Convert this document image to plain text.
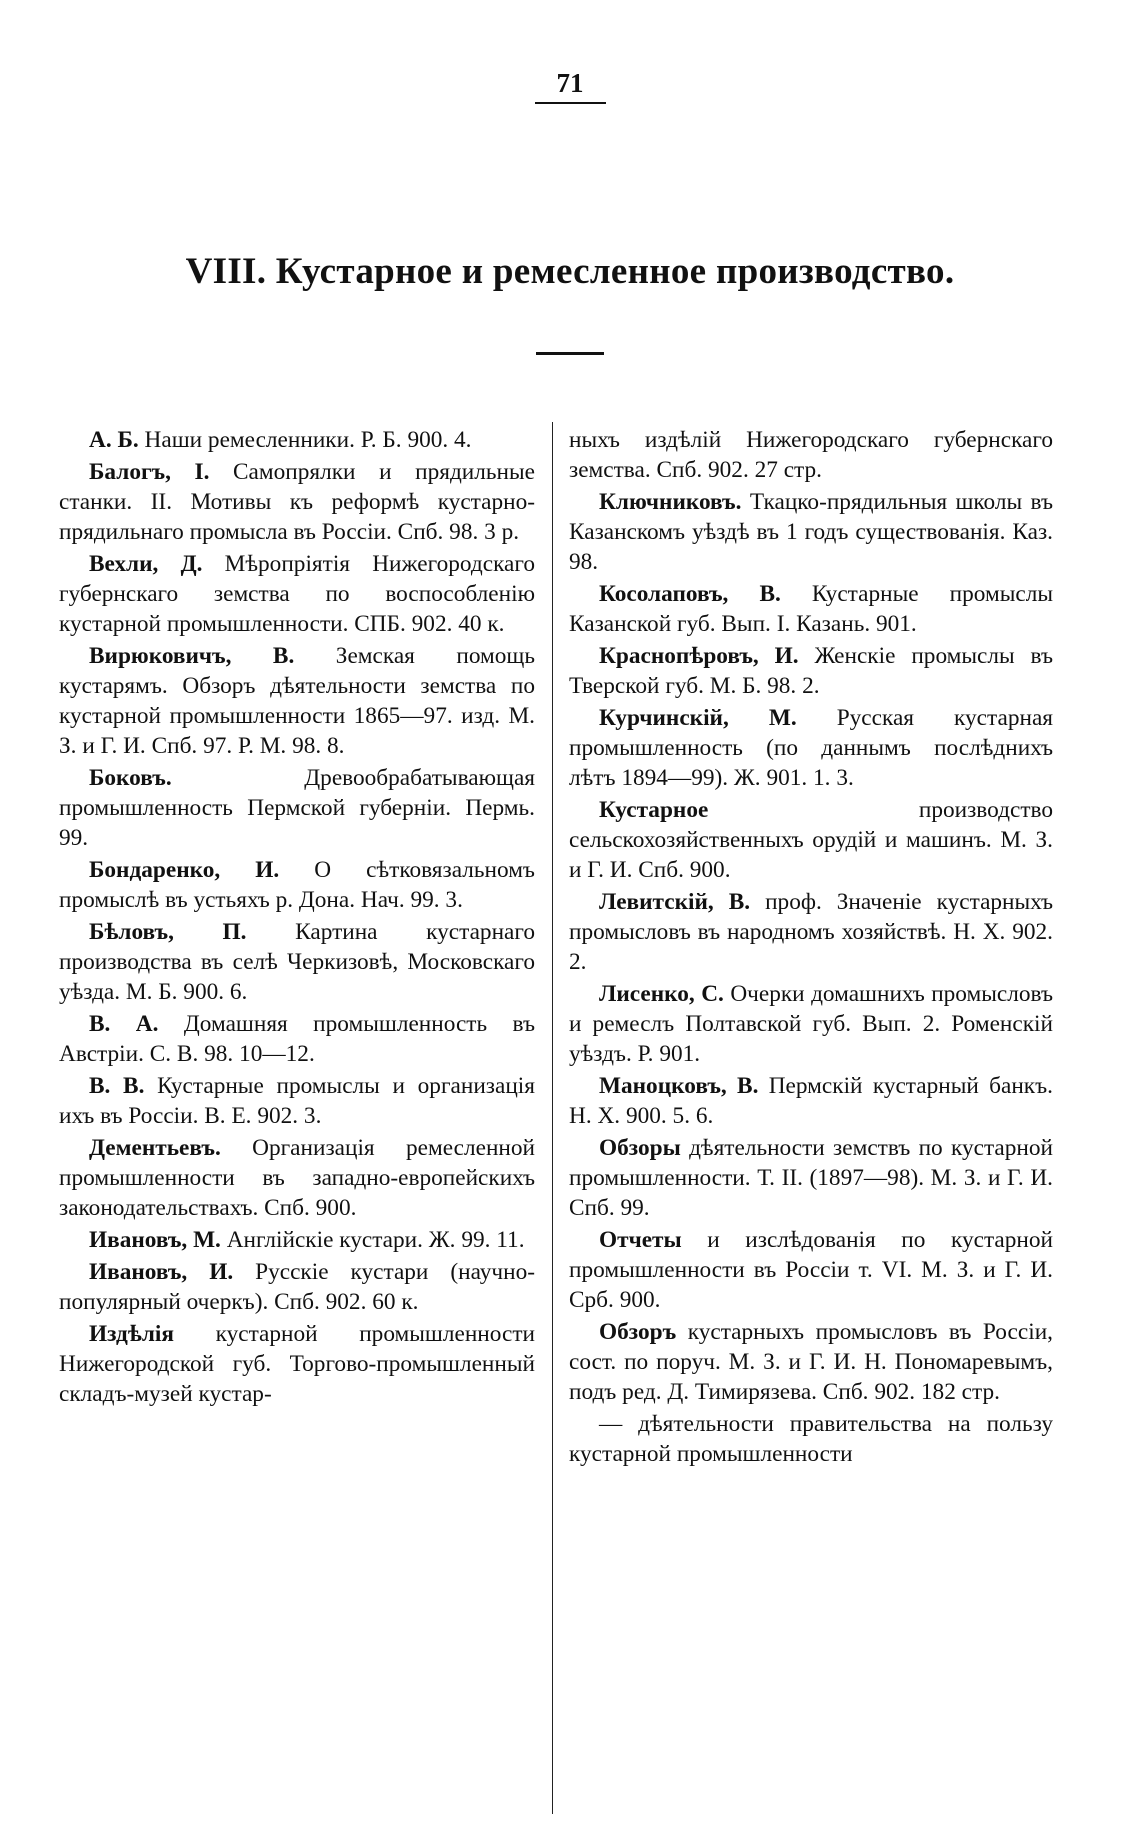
71
VIII. Кустарное и ремесленное производство.

А. Б. Наши ремесленники. Р. Б. 900. 4.

Балогъ, І. Самопрялки и прядильные станки. II. Мотивы къ реформѣ кустарно-прядильнаго промысла въ Россіи. Спб. 98. 3 р.

Вехли, Д. Мѣропріятія Нижегородскаго губернскаго земства по воспособленію кустарной промышленности. СПБ. 902. 40 к.

Вирюковичъ, В. Земская помощь кустарямъ. Обзоръ дѣятельности земства по кустарной промышленности 1865—97. изд. М. З. и Г. И. Спб. 97. Р. М. 98. 8.

Боковъ.	Древообрабатывающая промышленность Пермской губерніи. Пермь. 99.

Бондаренко, И. О сѣтковязальномъ промыслѣ въ устьяхъ р. Дона. Нач. 99. 3.

Бѣловъ, П. Картина кустарнаго производства въ селѣ Черкизовѣ, Московскаго уѣзда. М. Б. 900. 6.

В. А. Домашняя промышленность въ Австріи. С. В. 98. 10—12.

В. В. Кустарные промыслы и организація ихъ въ Россіи. В. Е. 902. 3.

Дементьевъ. Организація ремесленной промышленности въ западно-европейскихъ законодательствахъ. Спб. 900.

Ивановъ, М. Англійскіе кустари. Ж. 99. 11.

Ивановъ, И. Русскіе кустари (научно-популярный очеркъ). Спб. 902. 60 к.

Издѣлія кустарной промышленности Нижегородской губ. Торгово-промышленный складъ-музей кустар-

ныхъ издѣлій Нижегородскаго губернскаго земства. Спб. 902. 27 стр.

Ключниковъ. Ткацко-прядильныя школы въ Казанскомъ уѣздѣ въ 1 годъ существованія. Каз. 98.

Косолаповъ, В. Кустарные промыслы Казанской губ. Вып. I. Казань. 901.

Краснопѣровъ, И. Женскіе промыслы въ Тверской губ. М. Б. 98. 2.

Курчинскій, М. Русская кустарная промышленность (по даннымъ послѣднихъ лѣтъ 1894—99). Ж. 901. 1. 3.

Кустарное	производство сельскохозяйственныхъ орудій и машинъ. М. З. и Г. И. Спб. 900.

Левитскій, В. проф. Значеніе кустарныхъ промысловъ въ народномъ хозяйствѣ. Н. Х. 902. 2.

Лисенко, С. Очерки домашнихъ промысловъ и ремеслъ Полтавской губ. Вып. 2. Роменскій уѣздъ. Р. 901.

Маноцковъ, В. Пермскій кустарный банкъ. Н. Х. 900. 5. 6.

Обзоры дѣятельности земствъ по кустарной промышленности. Т. II. (1897—98). М. З. и Г. И. Спб. 99.

Отчеты и изслѣдованія по кустарной промышленности въ Россіи т. VI. М. З. и Г. И. Срб. 900.

Обзоръ кустарныхъ промысловъ въ Россіи, сост. по поруч. М. З. и Г. И. Н. Пономаревымъ, подъ ред. Д. Тимирязева. Спб. 902. 182 стр.

— дѣятельности правительства на пользу кустарной промышленности
